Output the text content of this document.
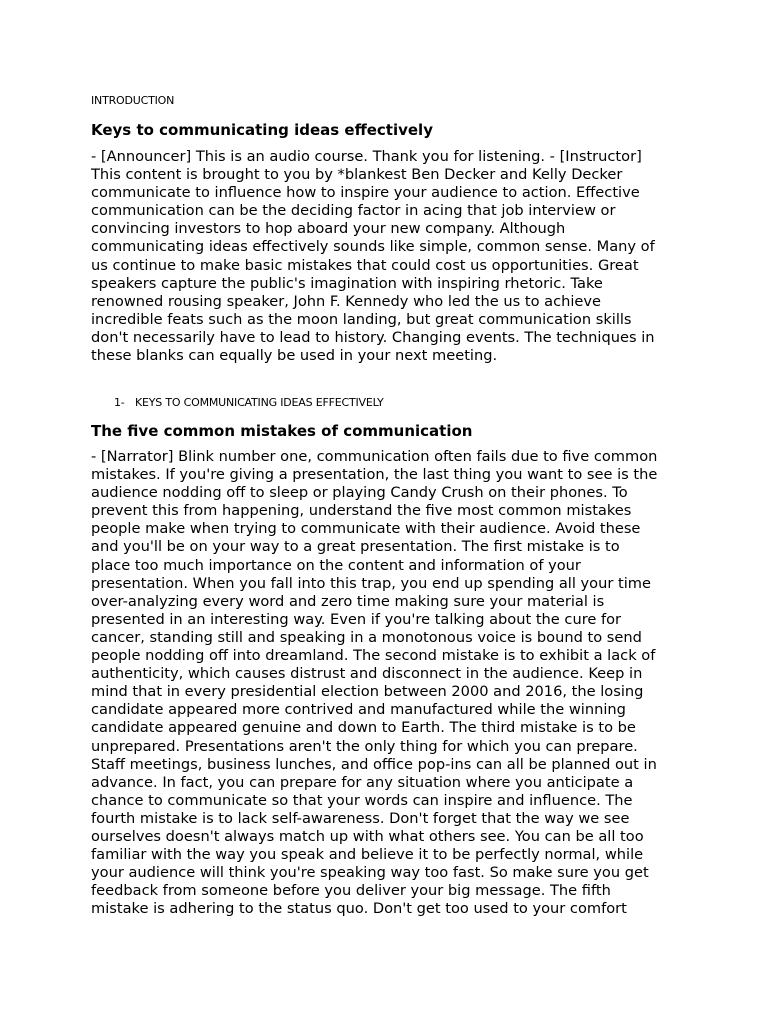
INTRODUCTION
Keys to communicating ideas effectively
- [Announcer] This is an audio course. Thank you for listening. - [Instructor]
This content is brought to you by *blankest Ben Decker and Kelly Decker
communicate to influence how to inspire your audience to action. Effective
communication can be the deciding factor in acing that job interview or
convincing investors to hop aboard your new company. Although
communicating ideas effectively sounds like simple, common sense. Many of
us continue to make basic mistakes that could cost us opportunities. Great
speakers capture the public's imagination with inspiring rhetoric. Take
renowned rousing speaker, John F. Kennedy who led the us to achieve
incredible feats such as the moon landing, but great communication skills
don't necessarily have to lead to history. Changing events. The techniques in
these blanks can equally be used in your next meeting.
1- KEYS TO COMMUNICATING IDEAS EFFECTIVELY
The five common mistakes of communication
- [Narrator] Blink number one, communication often fails due to five common
mistakes. If you're giving a presentation, the last thing you want to see is the
audience nodding off to sleep or playing Candy Crush on their phones. To
prevent this from happening, understand the five most common mistakes
people make when trying to communicate with their audience. Avoid these
and you'll be on your way to a great presentation. The first mistake is to
place too much importance on the content and information of your
presentation. When you fall into this trap, you end up spending all your time
over-analyzing every word and zero time making sure your material is
presented in an interesting way. Even if you're talking about the cure for
cancer, standing still and speaking in a monotonous voice is bound to send
people nodding off into dreamland. The second mistake is to exhibit a lack of
authenticity, which causes distrust and disconnect in the audience. Keep in
mind that in every presidential election between 2000 and 2016, the losing
candidate appeared more contrived and manufactured while the winning
candidate appeared genuine and down to Earth. The third mistake is to be
unprepared. Presentations aren't the only thing for which you can prepare.
Staff meetings, business lunches, and office pop-ins can all be planned out in
advance. In fact, you can prepare for any situation where you anticipate a
chance to communicate so that your words can inspire and influence. The
fourth mistake is to lack self-awareness. Don't forget that the way we see
ourselves doesn't always match up with what others see. You can be all too
familiar with the way you speak and believe it to be perfectly normal, while
your audience will think you're speaking way too fast. So make sure you get
feedback from someone before you deliver your big message. The fifth
mistake is adhering to the status quo. Don't get too used to your comfort
